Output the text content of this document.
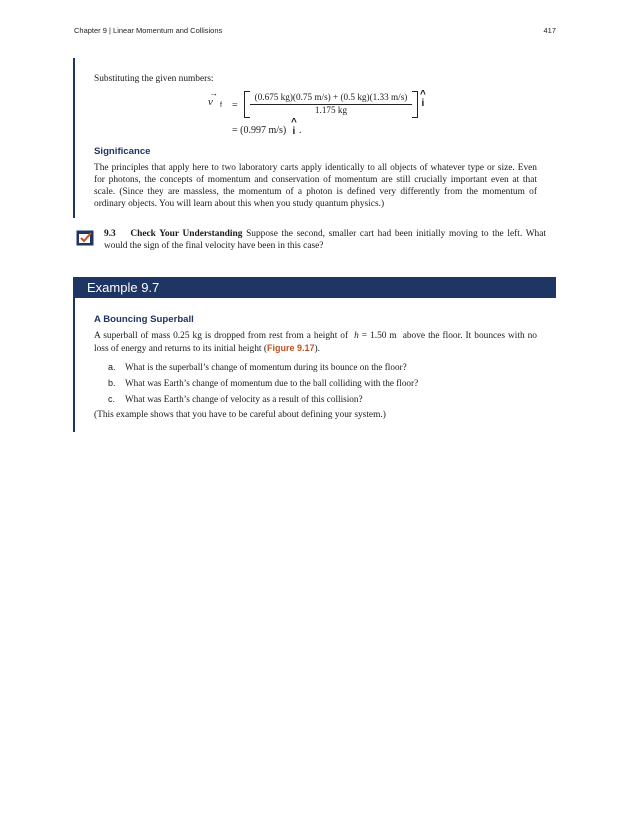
Chapter 9 | Linear Momentum and Collisions	417
Substituting the given numbers:
→
v f =
(0.675 kg)(0.75 m/s) + (0.5 kg)(1.33 m/s)
1.175 kg
^
i
= (0.997 m/s)
^
i .
Significance
The principles that apply here to two laboratory carts apply identically to all objects of whatever type or size. Even for photons, the concepts of momentum and conservation of momentum are still crucially important even at that scale. (Since they are massless, the momentum of a photon is defined very differently from the momentum of ordinary objects. You will learn about this when you study quantum physics.)
9.3 Check Your Understanding Suppose the second, smaller cart had been initially moving to the left. What would the sign of the final velocity have been in this case?
Example 9.7
A Bouncing Superball
A superball of mass 0.25 kg is dropped from rest from a height of h = 1.50 m above the floor. It bounces with no loss of energy and returns to its initial height (Figure 9.17).
a. What is the superball’s change of momentum during its bounce on the floor?
b. What was Earth’s change of momentum due to the ball colliding with the floor?
c. What was Earth’s change of velocity as a result of this collision?
(This example shows that you have to be careful about defining your system.)
